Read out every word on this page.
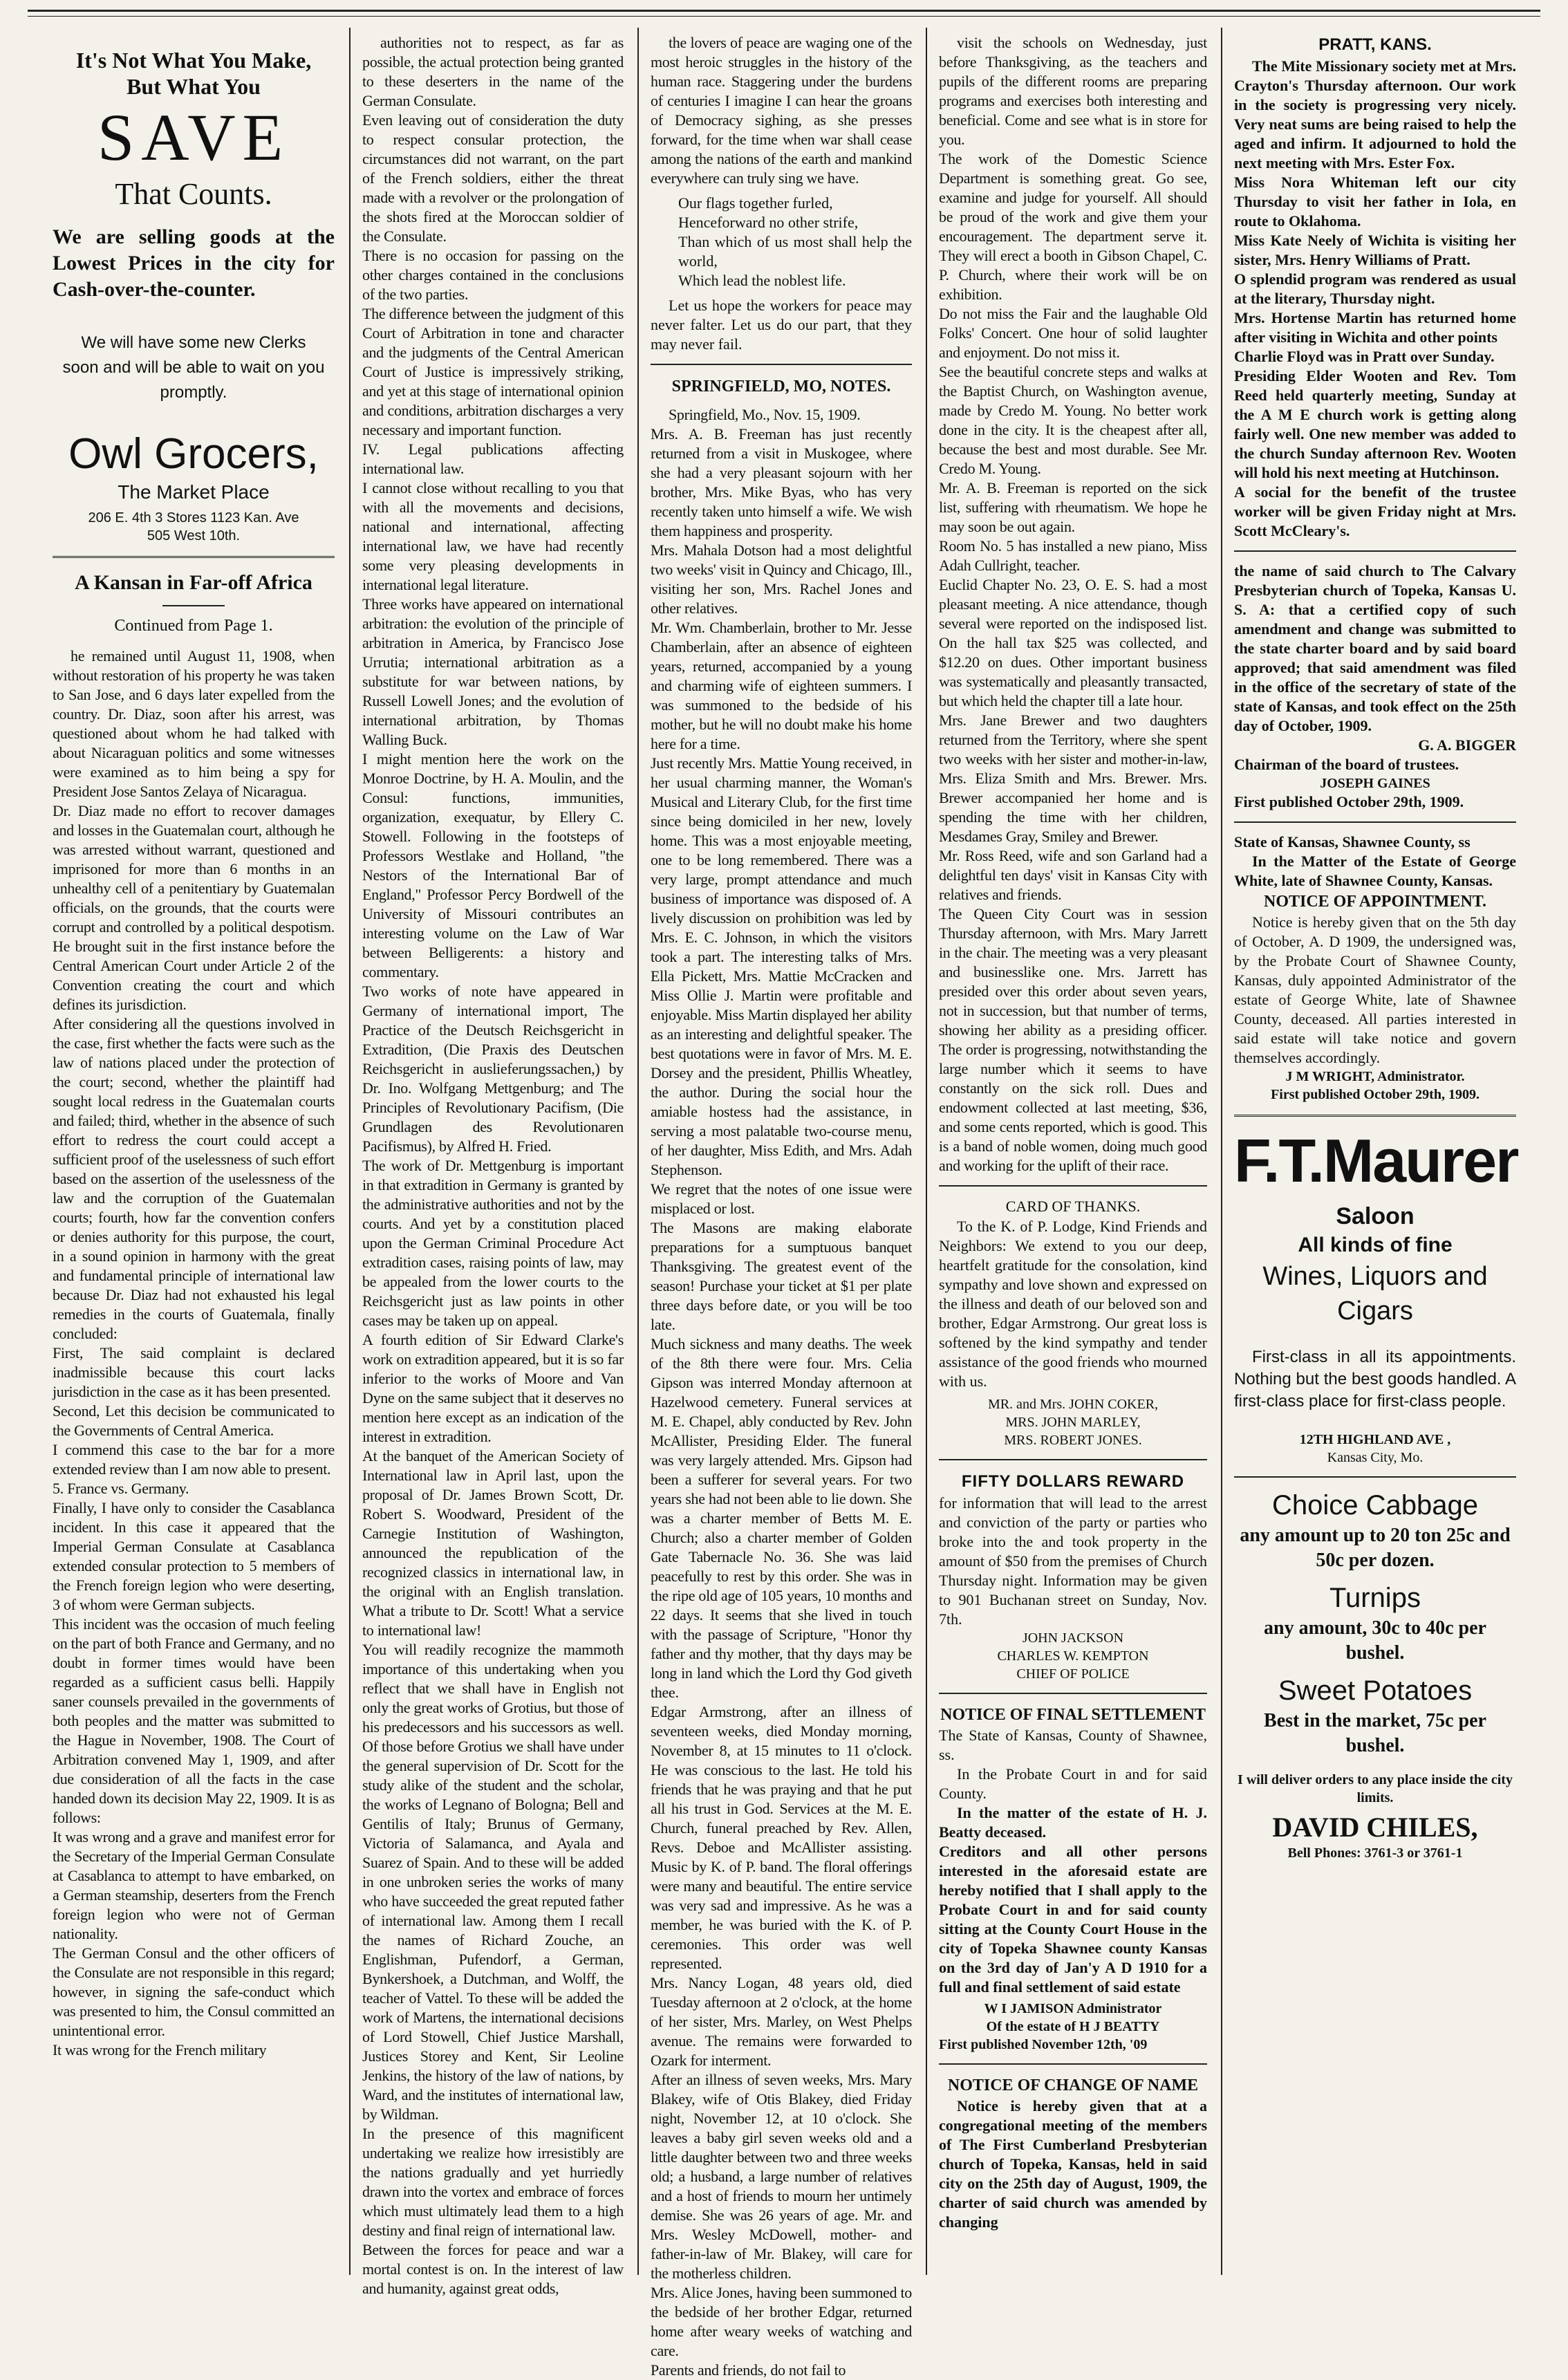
It's Not What You Make,
But What You
SAVE
That Counts.
We are selling goods at the Lowest Prices in the city for Cash-over-the-counter.
We will have some new Clerks soon and will be able to wait on you promptly.
Owl Grocers,
The Market Place
206 E. 4th 3 Stores 1123 Kan. Ave
505 West 10th.
A Kansan in Far-off Africa
Continued from Page 1.
he remained until August 11, 1908, when without restoration of his property he was taken to San Jose, and 6 days later expelled from the country. Dr. Diaz, soon after his arrest, was questioned about whom he had talked with about Nicaraguan politics and some witnesses were examined as to him being a spy for President Jose Santos Zelaya of Nicaragua.
Dr. Diaz made no effort to recover damages and losses in the Guatemalan court, although he was arrested without warrant, questioned and imprisoned for more than 6 months in an unhealthy cell of a penitentiary by Guatemalan officials, on the grounds, that the courts were corrupt and controlled by a political despotism. He brought suit in the first instance before the Central American Court under Article 2 of the Convention creating the court and which defines its jurisdiction.
After considering all the questions involved in the case, first whether the facts were such as the law of nations placed under the protection of the court; second, whether the plaintiff had sought local redress in the Guatemalan courts and failed; third, whether in the absence of such effort to redress the court could accept a sufficient proof of the uselessness of such effort based on the assertion of the uselessness of the law and the corruption of the Guatemalan courts; fourth, how far the convention confers or denies authority for this purpose, the court, in a sound opinion in harmony with the great and fundamental principle of international law because Dr. Diaz had not exhausted his legal remedies in the courts of Guatemala, finally concluded:
First, The said complaint is declared inadmissible because this court lacks jurisdiction in the case as it has been presented.
Second, Let this decision be communicated to the Governments of Central America.
I commend this case to the bar for a more extended review than I am now able to present.
5. France vs. Germany.
Finally, I have only to consider the Casablanca incident. In this case it appeared that the Imperial German Consulate at Casablanca extended consular protection to 5 members of the French foreign legion who were deserting, 3 of whom were German subjects.
This incident was the occasion of much feeling on the part of both France and Germany, and no doubt in former times would have been regarded as a sufficient casus belli. Happily saner counsels prevailed in the governments of both peoples and the matter was submitted to the Hague in November, 1908. The Court of Arbitration convened May 1, 1909, and after due consideration of all the facts in the case handed down its decision May 22, 1909. It is as follows:
It was wrong and a grave and manifest error for the Secretary of the Imperial German Consulate at Casablanca to attempt to have embarked, on a German steamship, deserters from the French foreign legion who were not of German nationality.
The German Consul and the other officers of the Consulate are not responsible in this regard; however, in signing the safe-conduct which was presented to him, the Consul committed an unintentional error.
It was wrong for the French military
authorities not to respect, as far as possible, the actual protection being granted to these deserters in the name of the German Consulate.
Even leaving out of consideration the duty to respect consular protection, the circumstances did not warrant, on the part of the French soldiers, either the threat made with a revolver or the prolongation of the shots fired at the Moroccan soldier of the Consulate.
There is no occasion for passing on the other charges contained in the conclusions of the two parties.
The difference between the judgment of this Court of Arbitration in tone and character and the judgments of the Central American Court of Justice is impressively striking, and yet at this stage of international opinion and conditions, arbitration discharges a very necessary and important function.
IV. Legal publications affecting international law.
I cannot close without recalling to you that with all the movements and decisions, national and international, affecting international law, we have had recently some very pleasing developments in international legal literature.
Three works have appeared on international arbitration: the evolution of the principle of arbitration in America, by Francisco Jose Urrutia; international arbitration as a substitute for war between nations, by Russell Lowell Jones; and the evolution of international arbitration, by Thomas Walling Buck.
I might mention here the work on the Monroe Doctrine, by H. A. Moulin, and the Consul: functions, immunities, organization, exequatur, by Ellery C. Stowell. Following in the footsteps of Professors Westlake and Holland, "the Nestors of the International Bar of England," Professor Percy Bordwell of the University of Missouri contributes an interesting volume on the Law of War between Belligerents: a history and commentary.
Two works of note have appeared in Germany of international import, The Practice of the Deutsch Reichsgericht in Extradition, (Die Praxis des Deutschen Reichsgericht in auslieferungssachen,) by Dr. Ino. Wolfgang Mettgenburg; and The Principles of Revolutionary Pacifism, (Die Grundlagen des Revolutionaren Pacifismus), by Alfred H. Fried.
The work of Dr. Mettgenburg is important in that extradition in Germany is granted by the administrative authorities and not by the courts. And yet by a constitution placed upon the German Criminal Procedure Act extradition cases, raising points of law, may be appealed from the lower courts to the Reichsgericht just as law points in other cases may be taken up on appeal.
A fourth edition of Sir Edward Clarke's work on extradition appeared, but it is so far inferior to the works of Moore and Van Dyne on the same subject that it deserves no mention here except as an indication of the interest in extradition.
At the banquet of the American Society of International law in April last, upon the proposal of Dr. James Brown Scott, Dr. Robert S. Woodward, President of the Carnegie Institution of Washington, announced the republication of the recognized classics in international law, in the original with an English translation. What a tribute to Dr. Scott! What a service to international law!
You will readily recognize the mammoth importance of this undertaking when you reflect that we shall have in English not only the great works of Grotius, but those of his predecessors and his successors as well. Of those before Grotius we shall have under the general supervision of Dr. Scott for the study alike of the student and the scholar, the works of Legnano of Bologna; Bell and Gentilis of Italy; Brunus of Germany, Victoria of Salamanca, and Ayala and Suarez of Spain. And to these will be added in one unbroken series the works of many who have succeeded the great reputed father of international law. Among them I recall the names of Richard Zouche, an Englishman, Pufendorf, a German, Bynkershoek, a Dutchman, and Wolff, the teacher of Vattel. To these will be added the work of Martens, the international decisions of Lord Stowell, Chief Justice Marshall, Justices Storey and Kent, Sir Leoline Jenkins, the history of the law of nations, by Ward, and the institutes of international law, by Wildman.
In the presence of this magnificent undertaking we realize how irresistibly are the nations gradually and yet hurriedly drawn into the vortex and embrace of forces which must ultimately lead them to a high destiny and final reign of international law.
Between the forces for peace and war a mortal contest is on. In the interest of law and humanity, against great odds,
the lovers of peace are waging one of the most heroic struggles in the history of the human race. Staggering under the burdens of centuries I imagine I can hear the groans of Democracy sighing, as she presses forward, for the time when war shall cease among the nations of the earth and mankind everywhere can truly sing we have.
Our flags together furled,
Henceforward no other strife,
Than which of us most shall help the world,
Which lead the noblest life.
Let us hope the workers for peace may never falter. Let us do our part, that they may never fail.
SPRINGFIELD, MO, NOTES.
Springfield, Mo., Nov. 15, 1909.
Mrs. A. B. Freeman has just recently returned from a visit in Muskogee, where she had a very pleasant sojourn with her brother, Mrs. Mike Byas, who has very recently taken unto himself a wife. We wish them happiness and prosperity.
Mrs. Mahala Dotson had a most delightful two weeks' visit in Quincy and Chicago, Ill., visiting her son, Mrs. Rachel Jones and other relatives.
Mr. Wm. Chamberlain, brother to Mr. Jesse Chamberlain, after an absence of eighteen years, returned, accompanied by a young and charming wife of eighteen summers. I was summoned to the bedside of his mother, but he will no doubt make his home here for a time.
Just recently Mrs. Mattie Young received, in her usual charming manner, the Woman's Musical and Literary Club, for the first time since being domiciled in her new, lovely home. This was a most enjoyable meeting, one to be long remembered. There was a very large, prompt attendance and much business of importance was disposed of. A lively discussion on prohibition was led by Mrs. E. C. Johnson, in which the visitors took a part. The interesting talks of Mrs. Ella Pickett, Mrs. Mattie McCracken and Miss Ollie J. Martin were profitable and enjoyable. Miss Martin displayed her ability as an interesting and delightful speaker. The best quotations were in favor of Mrs. M. E. Dorsey and the president, Phillis Wheatley, the author. During the social hour the amiable hostess had the assistance, in serving a most palatable two-course menu, of her daughter, Miss Edith, and Mrs. Adah Stephenson.
We regret that the notes of one issue were misplaced or lost.
The Masons are making elaborate preparations for a sumptuous banquet Thanksgiving. The greatest event of the season! Purchase your ticket at $1 per plate three days before date, or you will be too late.
Much sickness and many deaths. The week of the 8th there were four. Mrs. Celia Gipson was interred Monday afternoon at Hazelwood cemetery. Funeral services at M. E. Chapel, ably conducted by Rev. John McAllister, Presiding Elder. The funeral was very largely attended. Mrs. Gipson had been a sufferer for several years. For two years she had not been able to lie down. She was a charter member of Betts M. E. Church; also a charter member of Golden Gate Tabernacle No. 36. She was laid peacefully to rest by this order. She was in the ripe old age of 105 years, 10 months and 22 days. It seems that she lived in touch with the passage of Scripture, "Honor thy father and thy mother, that thy days may be long in land which the Lord thy God giveth thee.
Edgar Armstrong, after an illness of seventeen weeks, died Monday morning, November 8, at 15 minutes to 11 o'clock. He was conscious to the last. He told his friends that he was praying and that he put all his trust in God. Services at the M. E. Church, funeral preached by Rev. Allen, Revs. Deboe and McAllister assisting. Music by K. of P. band. The floral offerings were many and beautiful. The entire service was very sad and impressive. As he was a member, he was buried with the K. of P. ceremonies. This order was well represented.
Mrs. Nancy Logan, 48 years old, died Tuesday afternoon at 2 o'clock, at the home of her sister, Mrs. Marley, on West Phelps avenue. The remains were forwarded to Ozark for interment.
After an illness of seven weeks, Mrs. Mary Blakey, wife of Otis Blakey, died Friday night, November 12, at 10 o'clock. She leaves a baby girl seven weeks old and a little daughter between two and three weeks old; a husband, a large number of relatives and a host of friends to mourn her untimely demise. She was 26 years of age. Mr. and Mrs. Wesley McDowell, mother- and father-in-law of Mr. Blakey, will care for the motherless children.
Mrs. Alice Jones, having been summoned to the bedside of her brother Edgar, returned home after weary weeks of watching and care.
Parents and friends, do not fail to
visit the schools on Wednesday, just before Thanksgiving, as the teachers and pupils of the different rooms are preparing programs and exercises both interesting and beneficial. Come and see what is in store for you.
The work of the Domestic Science Department is something great. Go see, examine and judge for yourself. All should be proud of the work and give them your encouragement. The department serve it. They will erect a booth in Gibson Chapel, C. P. Church, where their work will be on exhibition.
Do not miss the Fair and the laughable Old Folks' Concert. One hour of solid laughter and enjoyment. Do not miss it.
See the beautiful concrete steps and walks at the Baptist Church, on Washington avenue, made by Credo M. Young. No better work done in the city. It is the cheapest after all, because the best and most durable. See Mr. Credo M. Young.
Mr. A. B. Freeman is reported on the sick list, suffering with rheumatism. We hope he may soon be out again.
Room No. 5 has installed a new piano, Miss Adah Cullright, teacher.
Euclid Chapter No. 23, O. E. S. had a most pleasant meeting. A nice attendance, though several were reported on the indisposed list. On the hall tax $25 was collected, and $12.20 on dues. Other important business was systematically and pleasantly transacted, but which held the chapter till a late hour.
Mrs. Jane Brewer and two daughters returned from the Territory, where she spent two weeks with her sister and mother-in-law, Mrs. Eliza Smith and Mrs. Brewer. Mrs. Brewer accompanied her home and is spending the time with her children, Mesdames Gray, Smiley and Brewer.
Mr. Ross Reed, wife and son Garland had a delightful ten days' visit in Kansas City with relatives and friends.
The Queen City Court was in session Thursday afternoon, with Mrs. Mary Jarrett in the chair. The meeting was a very pleasant and businesslike one. Mrs. Jarrett has presided over this order about seven years, not in succession, but that number of terms, showing her ability as a presiding officer. The order is progressing, notwithstanding the large number which it seems to have constantly on the sick roll. Dues and endowment collected at last meeting, $36, and some cents reported, which is good. This is a band of noble women, doing much good and working for the uplift of their race.
CARD OF THANKS.
To the K. of P. Lodge, Kind Friends and Neighbors: We extend to you our deep, heartfelt gratitude for the consolation, kind sympathy and love shown and expressed on the illness and death of our beloved son and brother, Edgar Armstrong. Our great loss is softened by the kind sympathy and tender assistance of the good friends who mourned with us.
MR. and Mrs. JOHN COKER,
MRS. JOHN MARLEY,
MRS. ROBERT JONES.
FIFTY DOLLARS REWARD
for information that will lead to the arrest and conviction of the party or parties who broke into the and took property in the amount of $50 from the premises of Church Thursday night. Information may be given to 901 Buchanan street on Sunday, Nov. 7th.
JOHN JACKSON
CHARLES W. KEMPTON
CHIEF OF POLICE
NOTICE OF FINAL SETTLEMENT
The State of Kansas, County of Shawnee, ss.
In the Probate Court in and for said County.
In the matter of the estate of H. J. Beatty deceased.
Creditors and all other persons interested in the aforesaid estate are hereby notified that I shall apply to the Probate Court in and for said county sitting at the County Court House in the city of Topeka Shawnee county Kansas on the 3rd day of Jan'y A D 1910 for a full and final settlement of said estate
W I JAMISON Administrator
Of the estate of H J BEATTY
First published November 12th, '09
NOTICE OF CHANGE OF NAME
Notice is hereby given that at a congregational meeting of the members of The First Cumberland Presbyterian church of Topeka, Kansas, held in said city on the 25th day of August, 1909, the charter of said church was amended by changing
PRATT, KANS.
The Mite Missionary society met at Mrs. Crayton's Thursday afternoon. Our work in the society is progressing very nicely. Very neat sums are being raised to help the aged and infirm. It adjourned to hold the next meeting with Mrs. Ester Fox.
Miss Nora Whiteman left our city Thursday to visit her father in Iola, en route to Oklahoma.
Miss Kate Neely of Wichita is visiting her sister, Mrs. Henry Williams of Pratt.
O splendid program was rendered as usual at the literary, Thursday night.
Mrs. Hortense Martin has returned home after visiting in Wichita and other points
Charlie Floyd was in Pratt over Sunday.
Presiding Elder Wooten and Rev. Tom Reed held quarterly meeting, Sunday at the A M E church work is getting along fairly well. One new member was added to the church Sunday afternoon Rev. Wooten will hold his next meeting at Hutchinson.
A social for the benefit of the trustee worker will be given Friday night at Mrs. Scott McCleary's.
the name of said church to The Calvary Presbyterian church of Topeka, Kansas U. S. A: that a certified copy of such amendment and change was submitted to the state charter board and by said board approved; that said amendment was filed in the office of the secretary of state of the state of Kansas, and took effect on the 25th day of October, 1909.
G. A. BIGGER
Chairman of the board of trustees.
JOSEPH GAINES
First published October 29th, 1909.
State of Kansas, Shawnee County, ss
In the Matter of the Estate of George White, late of Shawnee County, Kansas.
NOTICE OF APPOINTMENT.
Notice is hereby given that on the 5th day of October, A. D 1909, the undersigned was, by the Probate Court of Shawnee County, Kansas, duly appointed Administrator of the estate of George White, late of Shawnee County, deceased. All parties interested in said estate will take notice and govern themselves accordingly.
J M WRIGHT, Administrator.
First published October 29th, 1909.
F.T.Maurer
Saloon
All kinds of fine
Wines, Liquors and
Cigars
First-class in all its appointments. Nothing but the best goods handled. A first-class place for first-class people.
12TH HIGHLAND AVE ,
Kansas City, Mo.
Choice Cabbage
any amount up to 20 ton 25c and 50c per dozen.
Turnips
any amount, 30c to 40c per bushel.
Sweet Potatoes
Best in the market, 75c per bushel.
I will deliver orders to any place inside the city limits.
DAVID CHILES,
Bell Phones: 3761-3 or 3761-1
